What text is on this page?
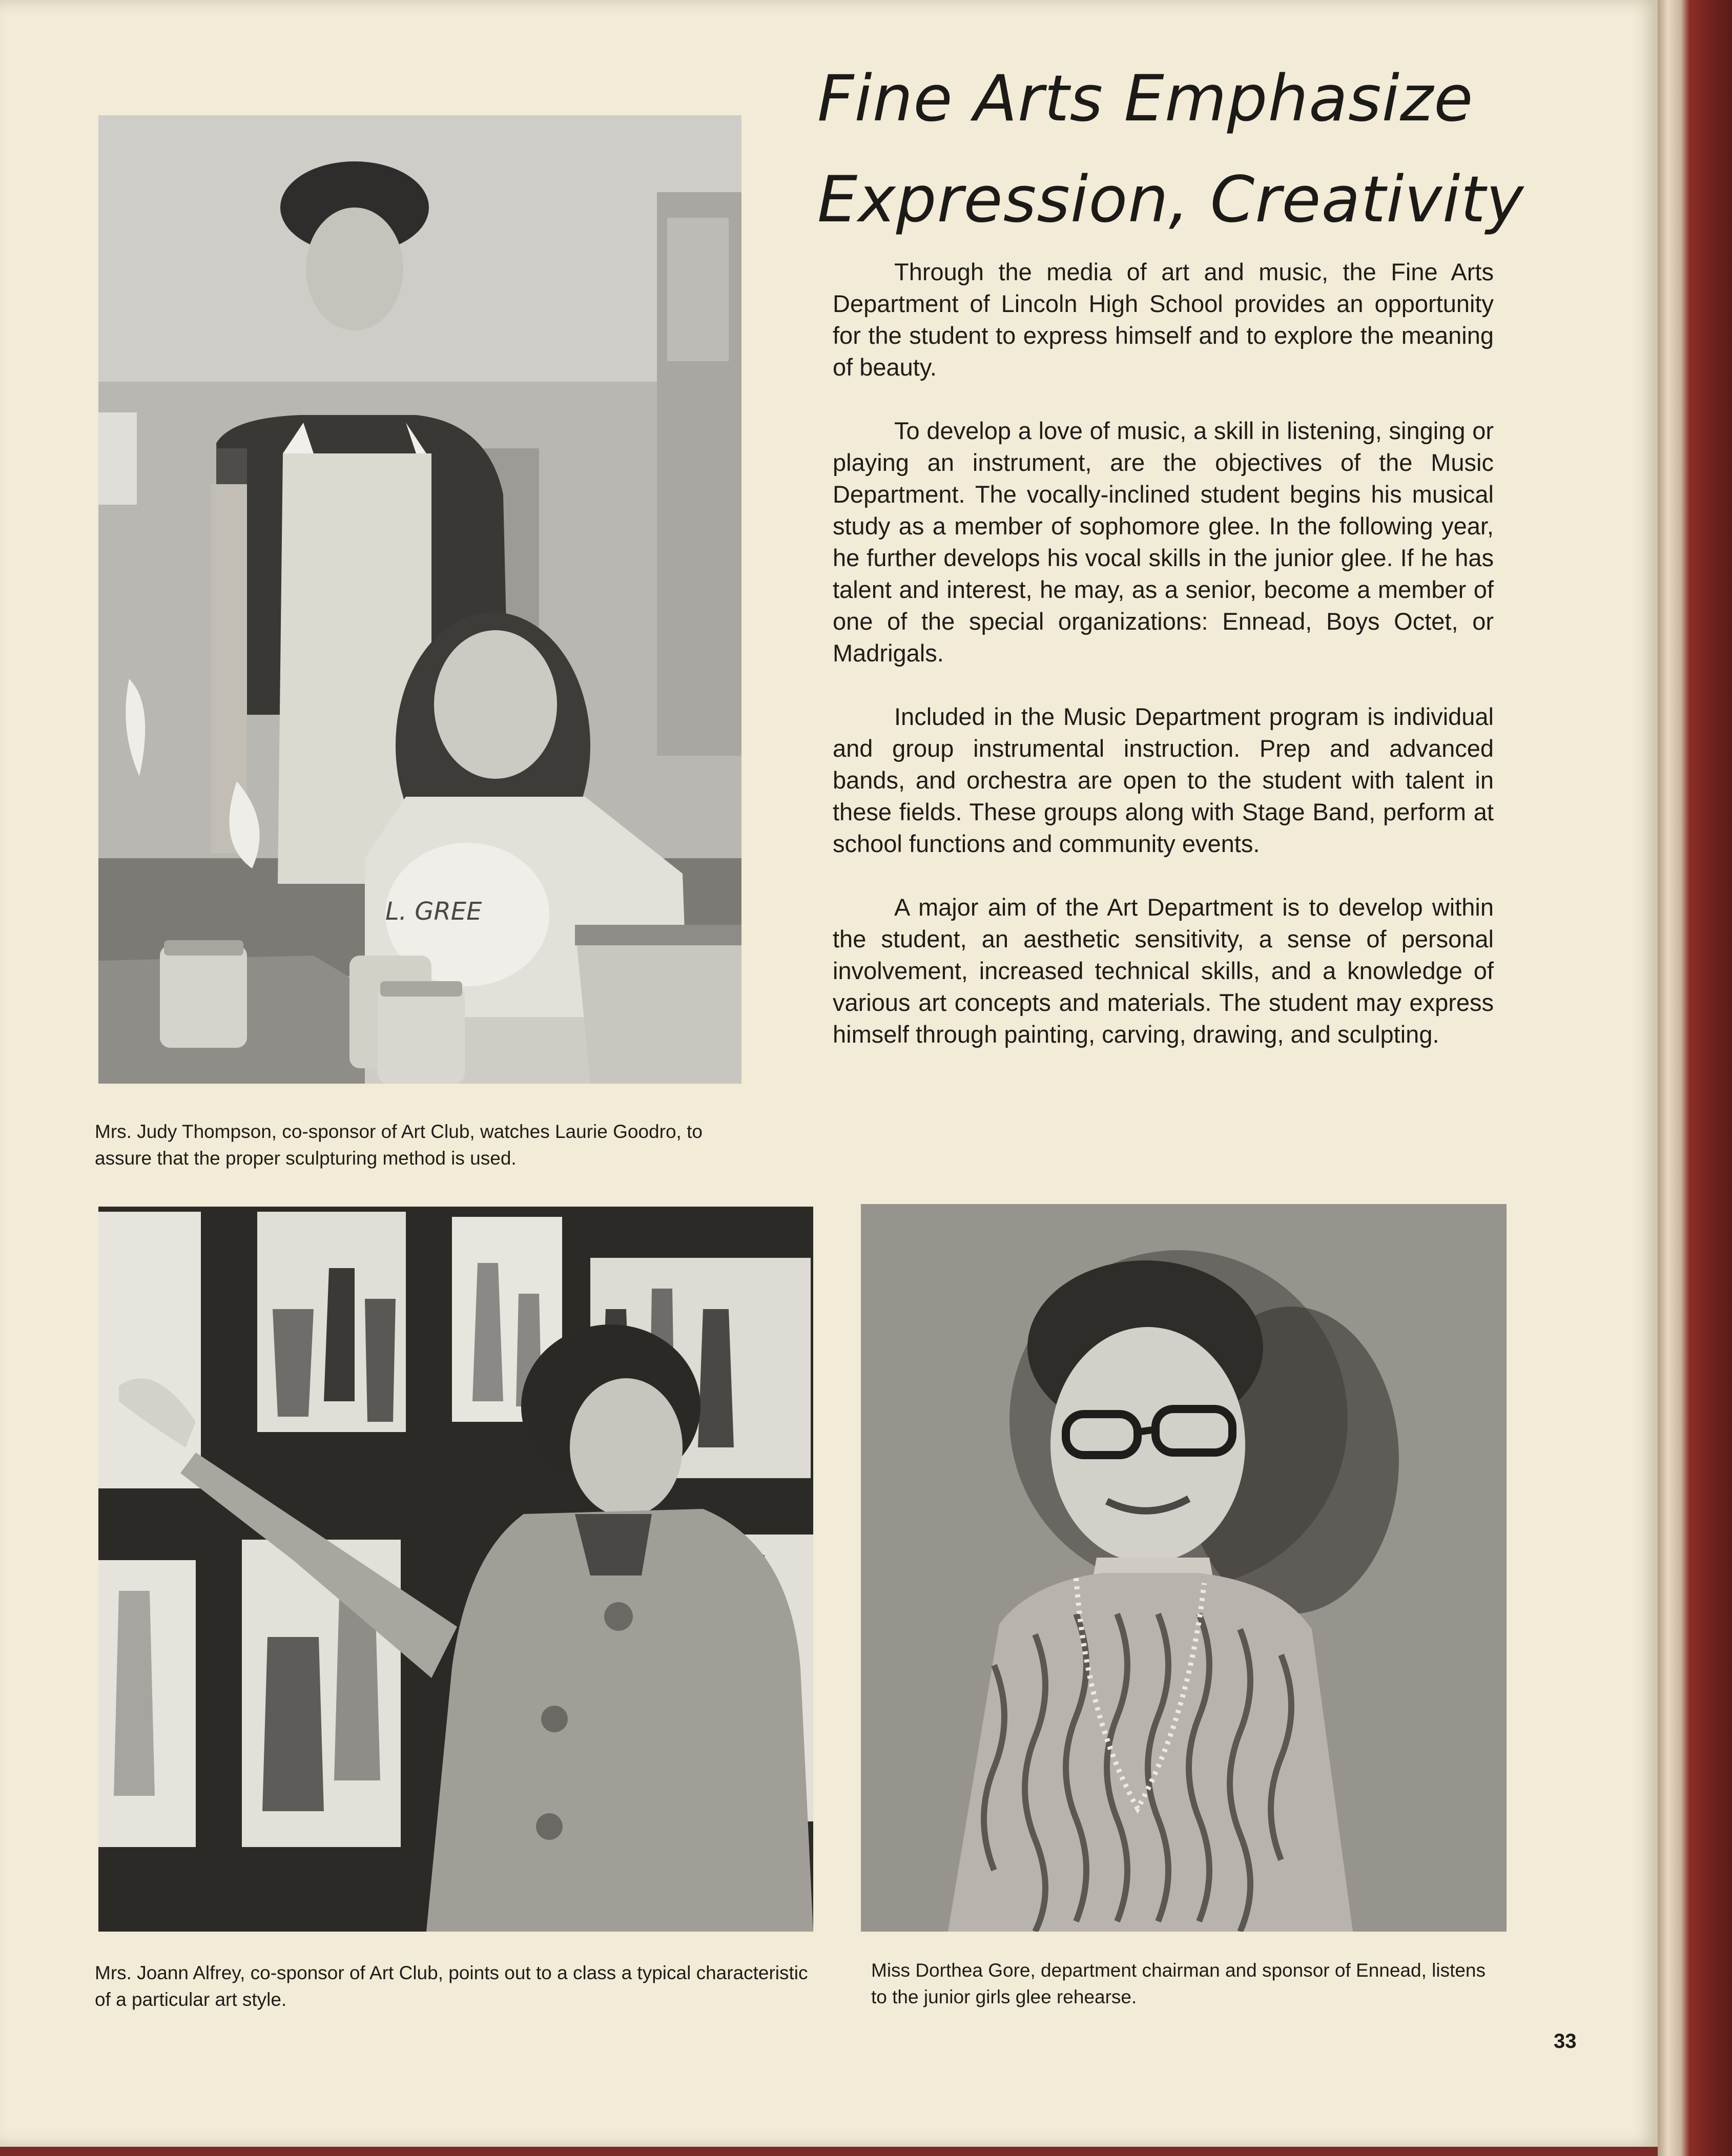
Fine Arts Emphasize
Expression, Creativity

Through the media of art and music, the Fine Arts Department of Lincoln High School provides an opportunity for the student to express himself and to explore the meaning of beauty.

To develop a love of music, a skill in listening, singing or playing an instrument, are the objectives of the Music Department. The vocally-inclined student begins his musical study as a member of sophomore glee. In the following year, he further develops his vocal skills in the junior glee. If he has talent and interest, he may, as a senior, become a member of one of the special organizations: Ennead, Boys Octet, or Madrigals.

Included in the Music Department program is individual and group instrumental instruction. Prep and advanced bands, and orchestra are open to the student with talent in these fields. These groups along with Stage Band, perform at school functions and community events.

A major aim of the Art Department is to develop within the student, an aesthetic sensitivity, a sense of personal involvement, increased technical skills, and a knowledge of various art concepts and materials. The student may express himself through painting, carving, drawing, and sculpting.

L. GREE
Mrs. Judy Thompson, co-sponsor of Art Club, watches Laurie Goodro, to assure that the proper sculpturing method is used.
Mrs. Joann Alfrey, co-sponsor of Art Club, points out to a class a typical characteristic of a particular art style.
Miss Dorthea Gore, department chairman and sponsor of Ennead, listens to the junior girls glee rehearse.
33
